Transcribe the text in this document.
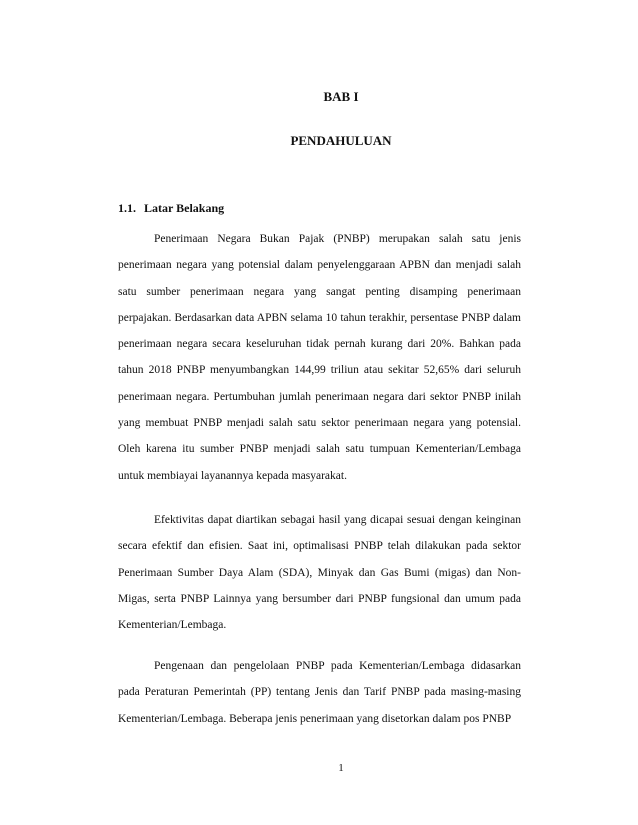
BAB I
PENDAHULUAN
1.1. Latar Belakang

Penerimaan Negara Bukan Pajak (PNBP) merupakan salah satu jenis penerimaan negara yang potensial dalam penyelenggaraan APBN dan menjadi salah satu sumber penerimaan negara yang sangat penting disamping penerimaan perpajakan. Berdasarkan data APBN selama 10 tahun terakhir, persentase PNBP dalam penerimaan negara secara keseluruhan tidak pernah kurang dari 20%. Bahkan pada tahun 2018 PNBP menyumbangkan 144,99 triliun atau sekitar 52,65% dari seluruh penerimaan negara. Pertumbuhan jumlah penerimaan negara dari sektor PNBP inilah yang membuat PNBP menjadi salah satu sektor penerimaan negara yang potensial. Oleh karena itu sumber PNBP menjadi salah satu tumpuan Kementerian/Lembaga untuk membiayai layanannya kepada masyarakat.

Efektivitas dapat diartikan sebagai hasil yang dicapai sesuai dengan keinginan secara efektif dan efisien. Saat ini, optimalisasi PNBP telah dilakukan pada sektor Penerimaan Sumber Daya Alam (SDA), Minyak dan Gas Bumi (migas) dan Non-Migas, serta PNBP Lainnya yang bersumber dari PNBP fungsional dan umum pada Kementerian/Lembaga.

Pengenaan dan pengelolaan PNBP pada Kementerian/Lembaga didasarkan pada Peraturan Pemerintah (PP) tentang Jenis dan Tarif PNBP pada masing-masing Kementerian/Lembaga. Beberapa jenis penerimaan yang disetorkan dalam pos PNBP

1
